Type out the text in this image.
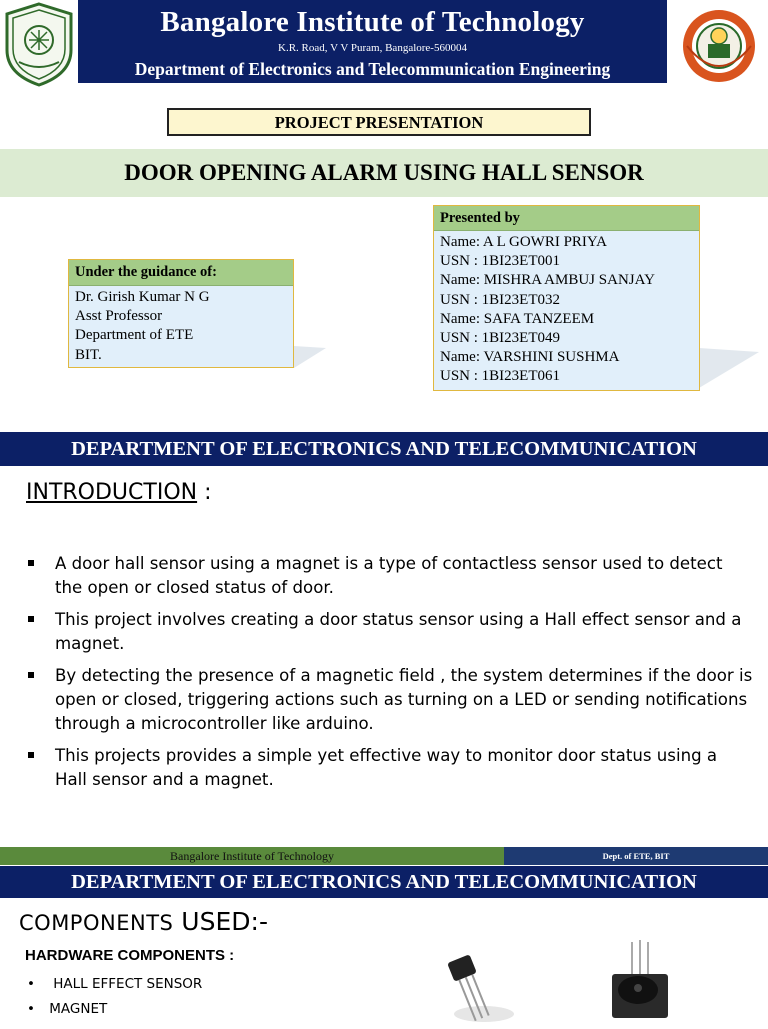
Bangalore Institute of Technology
K.R. Road, V V Puram, Bangalore-560004
Department of Electronics and Telecommunication Engineering
PROJECT PRESENTATION
DOOR OPENING ALARM USING HALL SENSOR
Under the guidance of:
Dr. Girish Kumar N G
Asst Professor
Department of ETE
BIT.
Presented by
Name: A L GOWRI PRIYA
USN : 1BI23ET001
Name: MISHRA AMBUJ SANJAY
USN : 1BI23ET032
Name: SAFA TANZEEM
USN : 1BI23ET049
Name: VARSHINI SUSHMA
USN : 1BI23ET061
DEPARTMENT OF ELECTRONICS AND TELECOMMUNICATION
INTRODUCTION :
A door hall sensor using a magnet is a type of contactless sensor used to detect the open or closed status of door.
This project involves creating a door status sensor using a Hall effect sensor and a magnet.
By detecting the presence of a magnetic field , the system determines if the door is open or closed, triggering actions such as turning on a LED or sending notifications through a microcontroller like arduino.
This projects provides a simple yet effective way to monitor door status using a Hall sensor and a magnet.
Bangalore Institute of Technology	Dept. of ETE, BIT
DEPARTMENT OF ELECTRONICS AND TELECOMMUNICATION
COMPONENTS USED:-
HARDWARE COMPONENTS :
• HALL EFFECT SENSOR
• MAGNET
